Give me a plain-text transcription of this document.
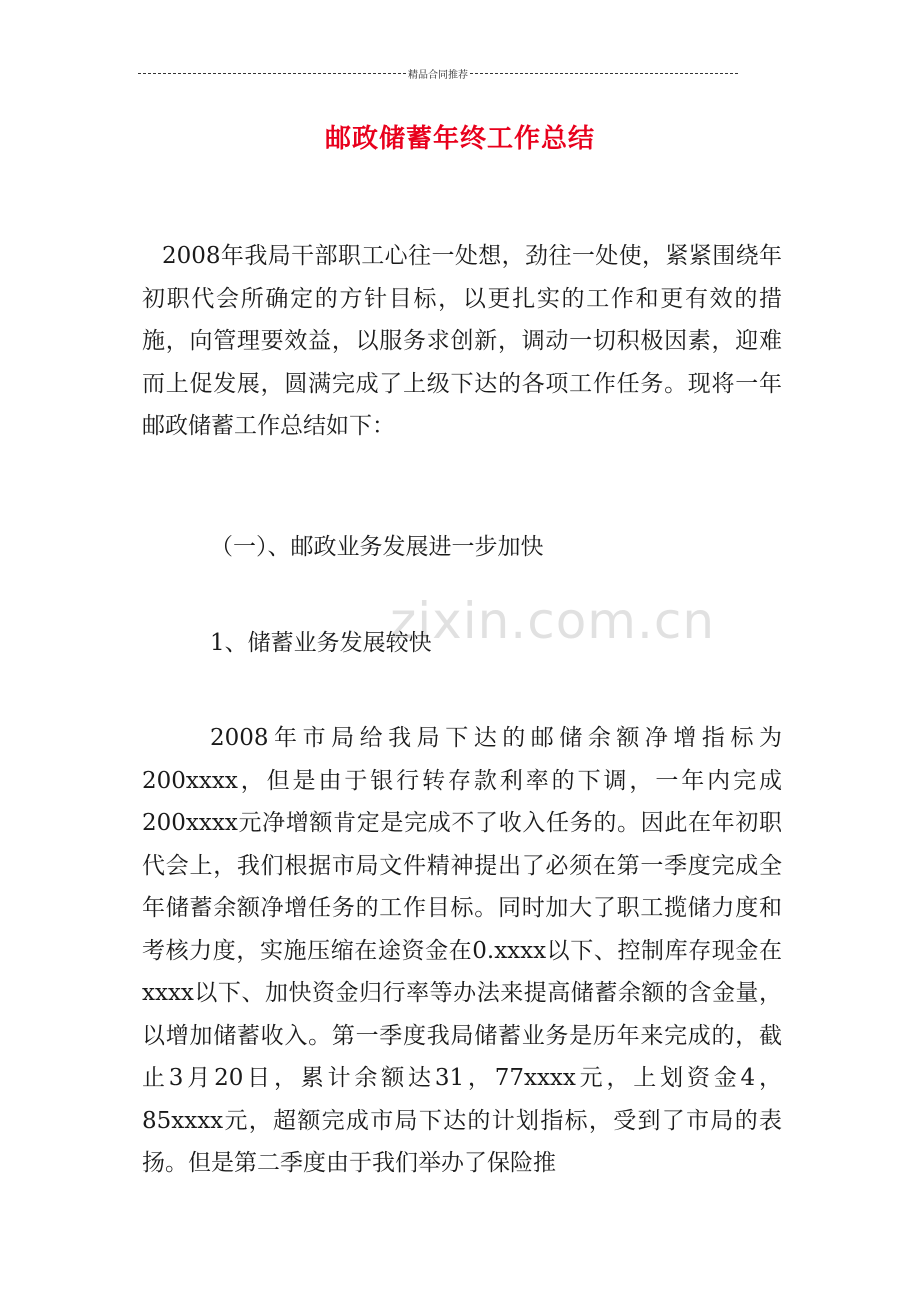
精品合同推荐
邮政储蓄年终工作总结

2008年我局干部职工心往一处想，劲往一处使，紧紧围绕年初职代会所确定的方针目标，以更扎实的工作和更有效的措施，向管理要效益，以服务求创新，调动一切积极因素，迎难而上促发展，圆满完成了上级下达的各项工作任务。现将一年邮政储蓄工作总结如下：

（一）、邮政业务发展进一步加快

zixin.com.cn

1、储蓄业务发展较快

2008年市局给我局下达的邮储余额净增指标为200xxxx，但是由于银行转存款利率的下调，一年内完成200xxxx元净增额肯定是完成不了收入任务的。因此在年初职代会上，我们根据市局文件精神提出了必须在第一季度完成全年储蓄余额净增任务的工作目标。同时加大了职工揽储力度和考核力度，实施压缩在途资金在0.xxxx以下、控制库存现金在xxxx以下、加快资金归行率等办法来提高储蓄余额的含金量，以增加储蓄收入。第一季度我局储蓄业务是历年来完成的，截止3月20日，累计余额达31，77xxxx元，上划资金4，85xxxx元，超额完成市局下达的计划指标，受到了市局的表扬。但是第二季度由于我们举办了保险推
